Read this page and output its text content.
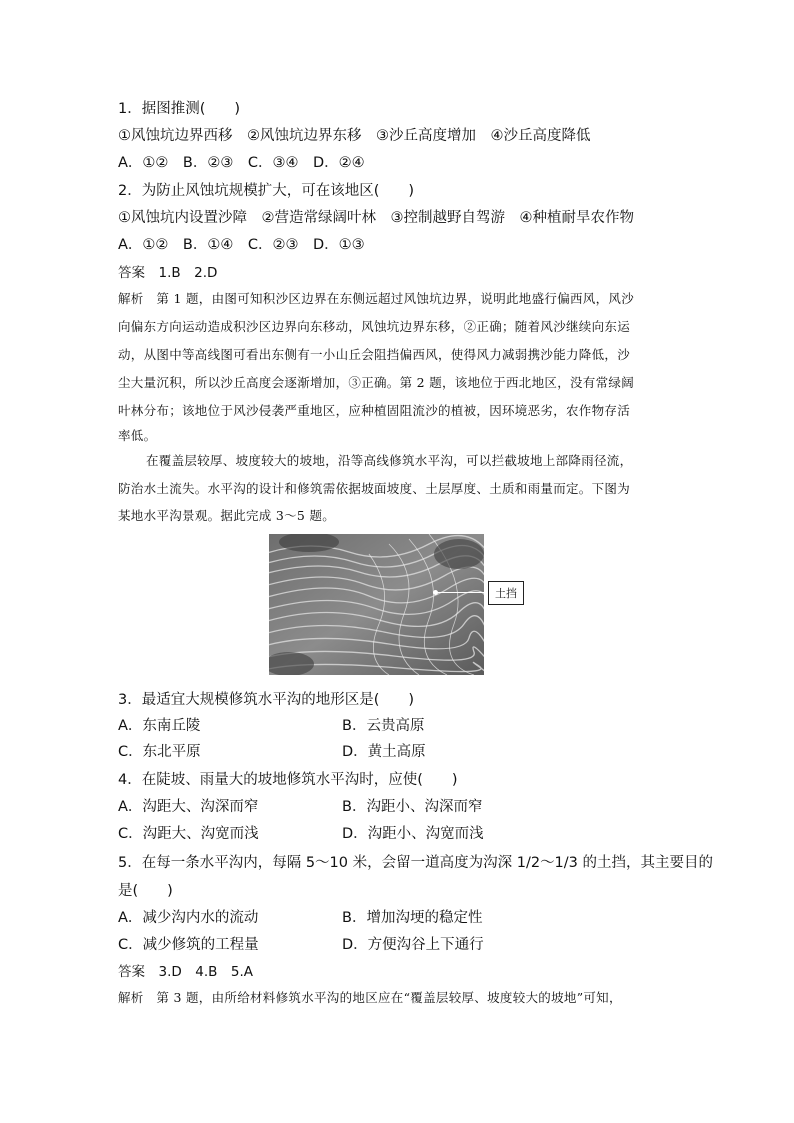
1．据图推测(　　)
①风蚀坑边界西移　②风蚀坑边界东移　③沙丘高度增加　④沙丘高度降低
A．①②　B．②③　C．③④　D．②④
2．为防止风蚀坑规模扩大，可在该地区(　　)
①风蚀坑内设置沙障　②营造常绿阔叶林　③控制越野自驾游　④种植耐旱农作物
A．①②　B．①④　C．②③　D．①③
答案　1.B　2.D
解析　第 1 题，由图可知积沙区边界在东侧远超过风蚀坑边界，说明此地盛行偏西风，风沙
向偏东方向运动造成积沙区边界向东移动，风蚀坑边界东移，②正确；随着风沙继续向东运
动，从图中等高线图可看出东侧有一小山丘会阻挡偏西风，使得风力减弱携沙能力降低，沙
尘大量沉积，所以沙丘高度会逐渐增加，③正确。第 2 题，该地位于西北地区，没有常绿阔
叶林分布；该地位于风沙侵袭严重地区，应种植固阻流沙的植被，因环境恶劣，农作物存活
率低。
在覆盖层较厚、坡度较大的坡地，沿等高线修筑水平沟，可以拦截坡地上部降雨径流，
防治水土流失。水平沟的设计和修筑需依据坡面坡度、土层厚度、土质和雨量而定。下图为
某地水平沟景观。据此完成 3～5 题。
土挡
3．最适宜大规模修筑水平沟的地形区是(　　)
A．东南丘陵	B．云贵高原
C．东北平原	D．黄土高原
4．在陡坡、雨量大的坡地修筑水平沟时，应使(　　)
A．沟距大、沟深而窄	B．沟距小、沟深而窄
C．沟距大、沟宽而浅	D．沟距小、沟宽而浅
5．在每一条水平沟内，每隔 5～10 米，会留一道高度为沟深 1/2～1/3 的土挡，其主要目的
是(　　)
A．减少沟内水的流动	B．增加沟埂的稳定性
C．减少修筑的工程量	D．方便沟谷上下通行
答案　3.D　4.B　5.A
解析　第 3 题，由所给材料修筑水平沟的地区应在“覆盖层较厚、坡度较大的坡地”可知，
